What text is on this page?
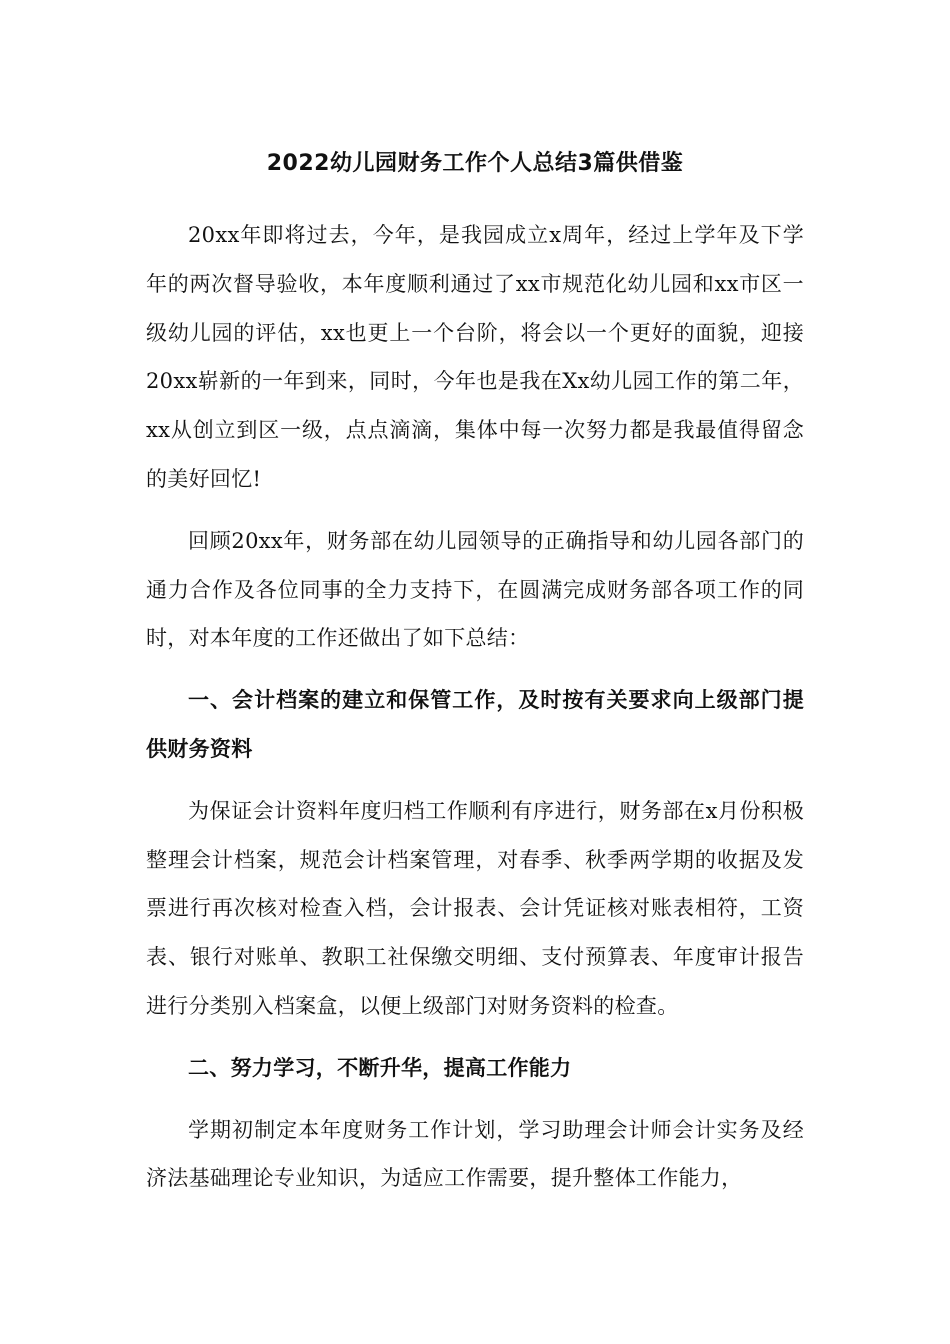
2022幼儿园财务工作个人总结3篇供借鉴

20xx年即将过去，今年，是我园成立x周年，经过上学年及下学年的两次督导验收，本年度顺利通过了xx市规范化幼儿园和xx市区一级幼儿园的评估，xx也更上一个台阶，将会以一个更好的面貌，迎接20xx崭新的一年到来，同时，今年也是我在Xx幼儿园工作的第二年，xx从创立到区一级，点点滴滴，集体中每一次努力都是我最值得留念的美好回忆!

回顾20xx年，财务部在幼儿园领导的正确指导和幼儿园各部门的通力合作及各位同事的全力支持下，在圆满完成财务部各项工作的同时，对本年度的工作还做出了如下总结：

一、会计档案的建立和保管工作，及时按有关要求向上级部门提供财务资料

为保证会计资料年度归档工作顺利有序进行，财务部在x月份积极整理会计档案，规范会计档案管理，对春季、秋季两学期的收据及发票进行再次核对检查入档，会计报表、会计凭证核对账表相符，工资表、银行对账单、教职工社保缴交明细、支付预算表、年度审计报告进行分类别入档案盒，以便上级部门对财务资料的检查。

二、努力学习，不断升华，提高工作能力

学期初制定本年度财务工作计划，学习助理会计师会计实务及经济法基础理论专业知识，为适应工作需要，提升整体工作能力，
